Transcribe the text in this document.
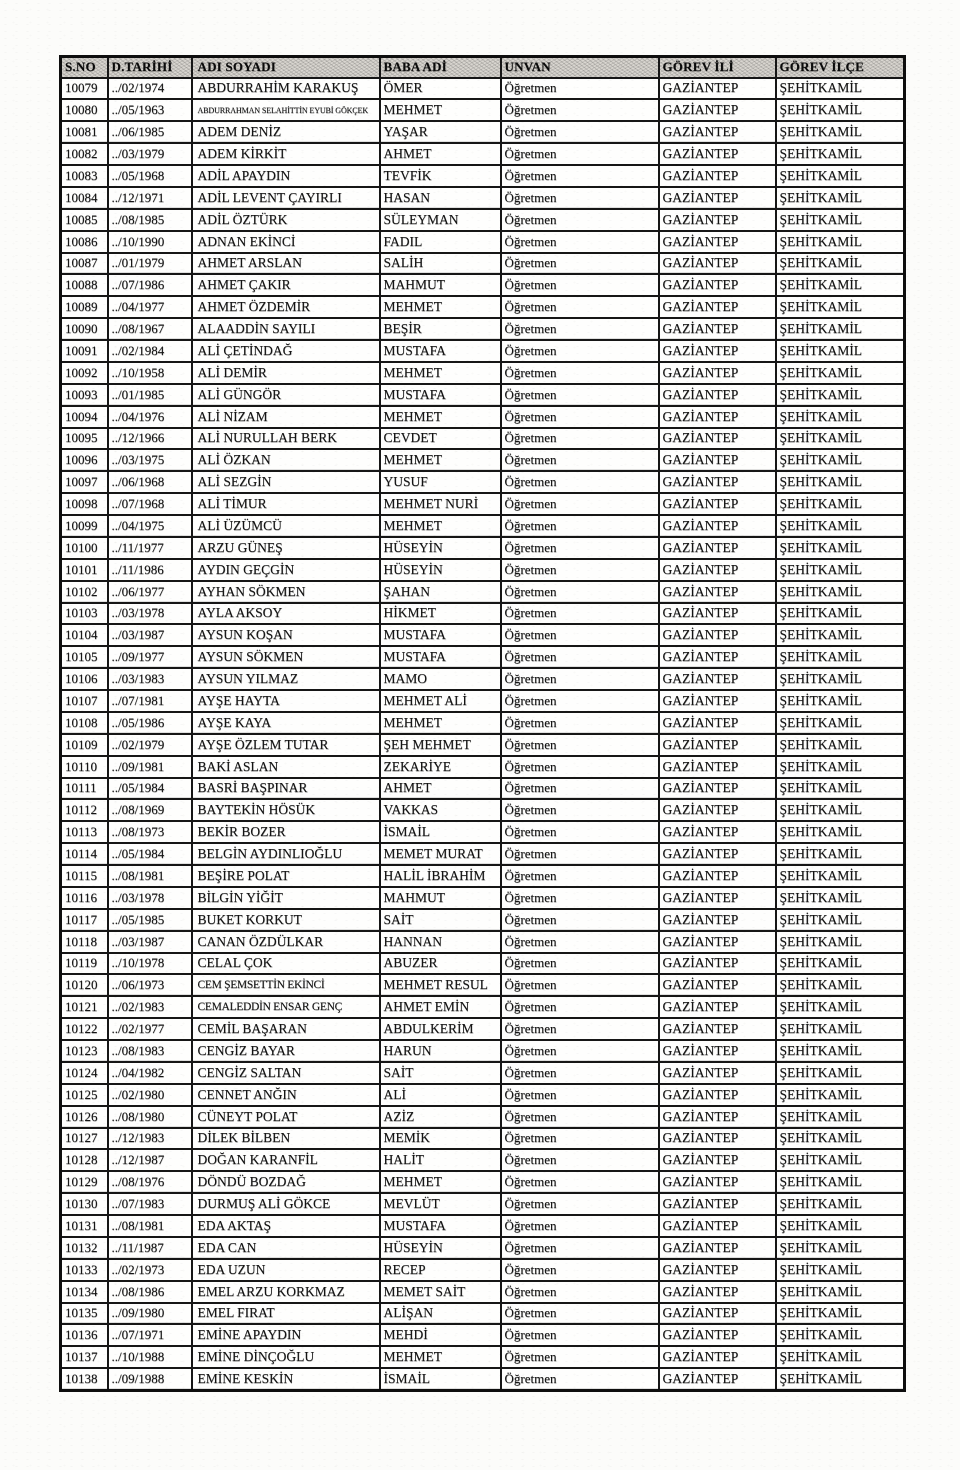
S.NO	D.TARİHİ	ADI SOYADI	BABA ADİ	UNVAN	GÖREV İLİ	GÖREV İLÇE
10079	../02/1974	ABDURRAHİM KARAKUŞ	ÖMER	Öğretmen	GAZİANTEP	ŞEHİTKAMİL
10080	../05/1963	ABDURRAHMAN SELAHİTTİN EYUBİ GÖKÇEK	MEHMET	Öğretmen	GAZİANTEP	ŞEHİTKAMİL
10081	../06/1985	ADEM DENİZ	YAŞAR	Öğretmen	GAZİANTEP	ŞEHİTKAMİL
10082	../03/1979	ADEM KİRKİT	AHMET	Öğretmen	GAZİANTEP	ŞEHİTKAMİL
10083	../05/1968	ADİL APAYDIN	TEVFİK	Öğretmen	GAZİANTEP	ŞEHİTKAMİL
10084	../12/1971	ADİL LEVENT ÇAYIRLI	HASAN	Öğretmen	GAZİANTEP	ŞEHİTKAMİL
10085	../08/1985	ADİL ÖZTÜRK	SÜLEYMAN	Öğretmen	GAZİANTEP	ŞEHİTKAMİL
10086	../10/1990	ADNAN EKİNCİ	FADIL	Öğretmen	GAZİANTEP	ŞEHİTKAMİL
10087	../01/1979	AHMET ARSLAN	SALİH	Öğretmen	GAZİANTEP	ŞEHİTKAMİL
10088	../07/1986	AHMET ÇAKIR	MAHMUT	Öğretmen	GAZİANTEP	ŞEHİTKAMİL
10089	../04/1977	AHMET ÖZDEMİR	MEHMET	Öğretmen	GAZİANTEP	ŞEHİTKAMİL
10090	../08/1967	ALAADDİN SAYILI	BEŞİR	Öğretmen	GAZİANTEP	ŞEHİTKAMİL
10091	../02/1984	ALİ ÇETİNDAĞ	MUSTAFA	Öğretmen	GAZİANTEP	ŞEHİTKAMİL
10092	../10/1958	ALİ DEMİR	MEHMET	Öğretmen	GAZİANTEP	ŞEHİTKAMİL
10093	../01/1985	ALİ GÜNGÖR	MUSTAFA	Öğretmen	GAZİANTEP	ŞEHİTKAMİL
10094	../04/1976	ALİ NİZAM	MEHMET	Öğretmen	GAZİANTEP	ŞEHİTKAMİL
10095	../12/1966	ALİ NURULLAH BERK	CEVDET	Öğretmen	GAZİANTEP	ŞEHİTKAMİL
10096	../03/1975	ALİ ÖZKAN	MEHMET	Öğretmen	GAZİANTEP	ŞEHİTKAMİL
10097	../06/1968	ALİ SEZGİN	YUSUF	Öğretmen	GAZİANTEP	ŞEHİTKAMİL
10098	../07/1968	ALİ TİMUR	MEHMET NURİ	Öğretmen	GAZİANTEP	ŞEHİTKAMİL
10099	../04/1975	ALİ ÜZÜMCÜ	MEHMET	Öğretmen	GAZİANTEP	ŞEHİTKAMİL
10100	../11/1977	ARZU GÜNEŞ	HÜSEYİN	Öğretmen	GAZİANTEP	ŞEHİTKAMİL
10101	../11/1986	AYDIN GEÇGİN	HÜSEYİN	Öğretmen	GAZİANTEP	ŞEHİTKAMİL
10102	../06/1977	AYHAN SÖKMEN	ŞAHAN	Öğretmen	GAZİANTEP	ŞEHİTKAMİL
10103	../03/1978	AYLA AKSOY	HİKMET	Öğretmen	GAZİANTEP	ŞEHİTKAMİL
10104	../03/1987	AYSUN KOŞAN	MUSTAFA	Öğretmen	GAZİANTEP	ŞEHİTKAMİL
10105	../09/1977	AYSUN SÖKMEN	MUSTAFA	Öğretmen	GAZİANTEP	ŞEHİTKAMİL
10106	../03/1983	AYSUN YILMAZ	MAMO	Öğretmen	GAZİANTEP	ŞEHİTKAMİL
10107	../07/1981	AYŞE HAYTA	MEHMET ALİ	Öğretmen	GAZİANTEP	ŞEHİTKAMİL
10108	../05/1986	AYŞE KAYA	MEHMET	Öğretmen	GAZİANTEP	ŞEHİTKAMİL
10109	../02/1979	AYŞE ÖZLEM TUTAR	ŞEH MEHMET	Öğretmen	GAZİANTEP	ŞEHİTKAMİL
10110	../09/1981	BAKİ ASLAN	ZEKARİYE	Öğretmen	GAZİANTEP	ŞEHİTKAMİL
10111	../05/1984	BASRİ BAŞPINAR	AHMET	Öğretmen	GAZİANTEP	ŞEHİTKAMİL
10112	../08/1969	BAYTEKİN HÖSÜK	VAKKAS	Öğretmen	GAZİANTEP	ŞEHİTKAMİL
10113	../08/1973	BEKİR BOZER	İSMAİL	Öğretmen	GAZİANTEP	ŞEHİTKAMİL
10114	../05/1984	BELGİN AYDINLIOĞLU	MEMET MURAT	Öğretmen	GAZİANTEP	ŞEHİTKAMİL
10115	../08/1981	BEŞİRE POLAT	HALİL İBRAHİM	Öğretmen	GAZİANTEP	ŞEHİTKAMİL
10116	../03/1978	BİLGİN YİĞİT	MAHMUT	Öğretmen	GAZİANTEP	ŞEHİTKAMİL
10117	../05/1985	BUKET KORKUT	SAİT	Öğretmen	GAZİANTEP	ŞEHİTKAMİL
10118	../03/1987	CANAN ÖZDÜLKAR	HANNAN	Öğretmen	GAZİANTEP	ŞEHİTKAMİL
10119	../10/1978	CELAL ÇOK	ABUZER	Öğretmen	GAZİANTEP	ŞEHİTKAMİL
10120	../06/1973	CEM ŞEMSETTİN EKİNCİ	MEHMET RESUL	Öğretmen	GAZİANTEP	ŞEHİTKAMİL
10121	../02/1983	CEMALEDDİN ENSAR GENÇ	AHMET EMİN	Öğretmen	GAZİANTEP	ŞEHİTKAMİL
10122	../02/1977	CEMİL BAŞARAN	ABDULKERİM	Öğretmen	GAZİANTEP	ŞEHİTKAMİL
10123	../08/1983	CENGİZ BAYAR	HARUN	Öğretmen	GAZİANTEP	ŞEHİTKAMİL
10124	../04/1982	CENGİZ SALTAN	SAİT	Öğretmen	GAZİANTEP	ŞEHİTKAMİL
10125	../02/1980	CENNET ANĞIN	ALİ	Öğretmen	GAZİANTEP	ŞEHİTKAMİL
10126	../08/1980	CÜNEYT POLAT	AZİZ	Öğretmen	GAZİANTEP	ŞEHİTKAMİL
10127	../12/1983	DİLEK BİLBEN	MEMİK	Öğretmen	GAZİANTEP	ŞEHİTKAMİL
10128	../12/1987	DOĞAN KARANFİL	HALİT	Öğretmen	GAZİANTEP	ŞEHİTKAMİL
10129	../08/1976	DÖNDÜ BOZDAĞ	MEHMET	Öğretmen	GAZİANTEP	ŞEHİTKAMİL
10130	../07/1983	DURMUŞ ALİ GÖKCE	MEVLÜT	Öğretmen	GAZİANTEP	ŞEHİTKAMİL
10131	../08/1981	EDA AKTAŞ	MUSTAFA	Öğretmen	GAZİANTEP	ŞEHİTKAMİL
10132	../11/1987	EDA CAN	HÜSEYİN	Öğretmen	GAZİANTEP	ŞEHİTKAMİL
10133	../02/1973	EDA UZUN	RECEP	Öğretmen	GAZİANTEP	ŞEHİTKAMİL
10134	../08/1986	EMEL ARZU KORKMAZ	MEMET SAİT	Öğretmen	GAZİANTEP	ŞEHİTKAMİL
10135	../09/1980	EMEL FIRAT	ALİŞAN	Öğretmen	GAZİANTEP	ŞEHİTKAMİL
10136	../07/1971	EMİNE APAYDIN	MEHDİ	Öğretmen	GAZİANTEP	ŞEHİTKAMİL
10137	../10/1988	EMİNE DİNÇOĞLU	MEHMET	Öğretmen	GAZİANTEP	ŞEHİTKAMİL
10138	../09/1988	EMİNE KESKİN	İSMAİL	Öğretmen	GAZİANTEP	ŞEHİTKAMİL
